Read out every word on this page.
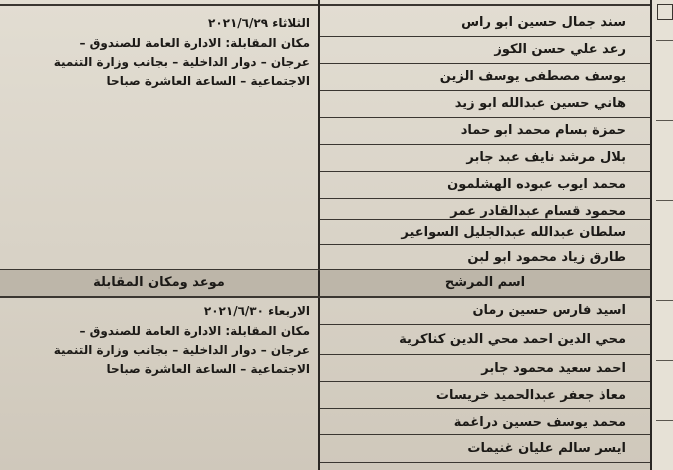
سند جمال حسين ابو راس
رعد علي حسن الكوز
يوسف مصطفى يوسف الزين
هاني حسين عبدالله ابو زيد
حمزة بسام محمد ابو حماد
بلال مرشد نايف عبد جابر
محمد ايوب عبوده الهشلمون
محمود قسام عبدالقادر عمر
سلطان عبدالله عبدالجليل السواعير
طارق زياد محمود ابو لبن
الثلاثاء ٢٠٢١/٦/٢٩
مكان المقابلة: الادارة العامة للصندوق –
عرجان – دوار الداخلية – بجانب وزارة التنمية
الاجتماعية – الساعة العاشرة صباحا
اسم المرشح
موعد ومكان المقابلة
اسيد فارس حسين رمان
محي الدين احمد محي الدين كناكرية
احمد سعيد محمود جابر
معاذ جعفر عبدالحميد خريسات
محمد يوسف حسين دراغمة
ايسر سالم عليان غنيمات
الاربعاء ٢٠٢١/٦/٣٠
مكان المقابلة: الادارة العامة للصندوق –
عرجان – دوار الداخلية – بجانب وزارة التنمية
الاجتماعية – الساعة العاشرة صباحا
